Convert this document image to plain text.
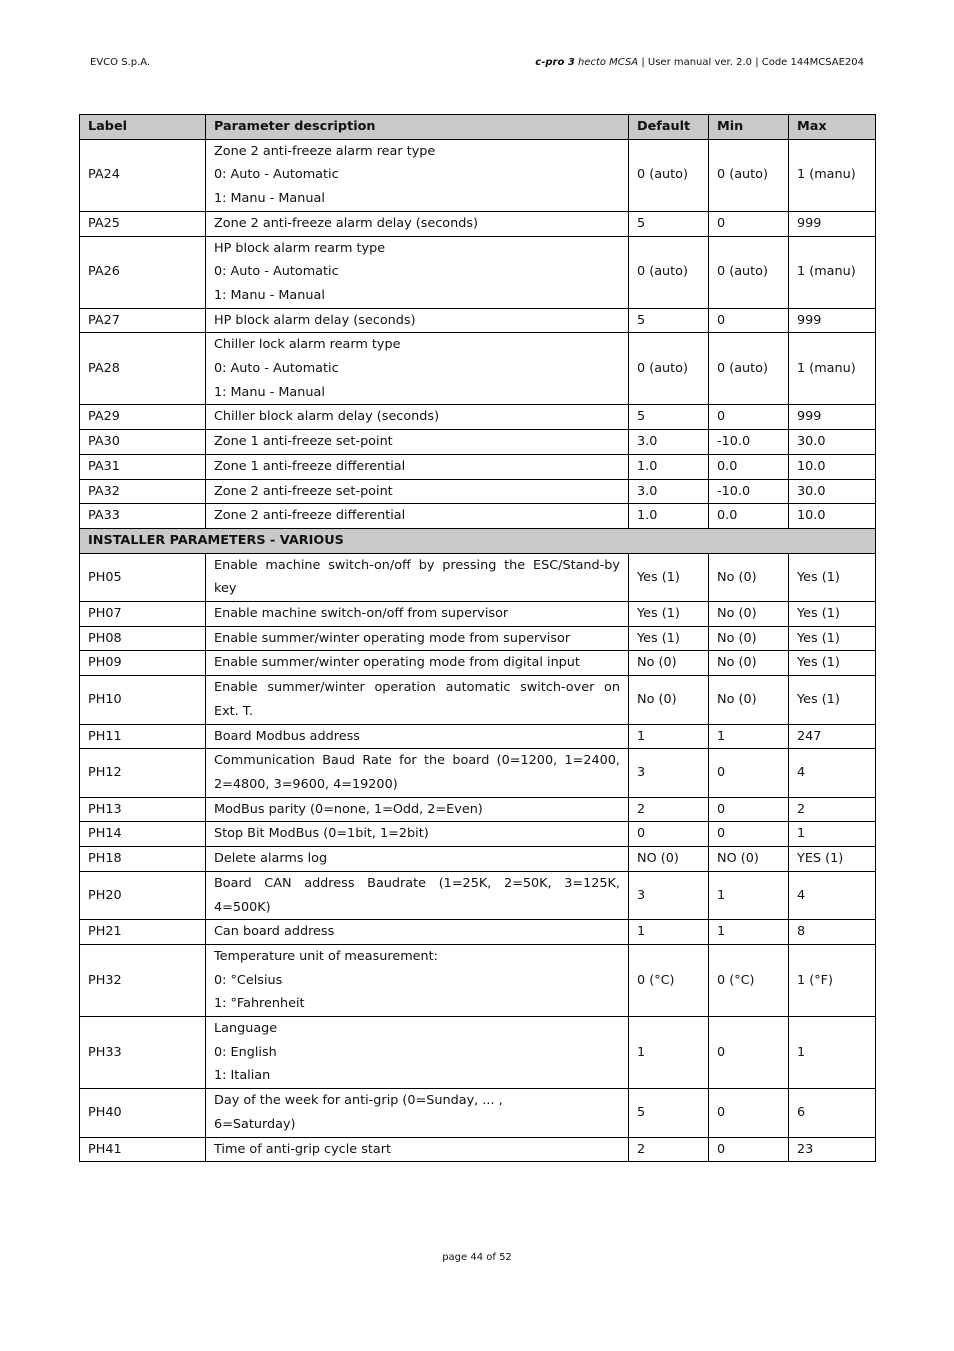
EVCO S.p.A.	c-pro 3 hecto MCSA | User manual ver. 2.0 | Code 144MCSAE204
Label	Parameter description	Default	Min	Max
PA24	Zone 2 anti-freeze alarm rear type
0: Auto - Automatic
1: Manu - Manual	0 (auto)	0 (auto)	1 (manu)
PA25	Zone 2 anti-freeze alarm delay (seconds)	5	0	999
PA26	HP block alarm rearm type
0: Auto - Automatic
1: Manu - Manual	0 (auto)	0 (auto)	1 (manu)
PA27	HP block alarm delay (seconds)	5	0	999
PA28	Chiller lock alarm rearm type
0: Auto - Automatic
1: Manu - Manual	0 (auto)	0 (auto)	1 (manu)
PA29	Chiller block alarm delay (seconds)	5	0	999
PA30	Zone 1 anti-freeze set-point	3.0	-10.0	30.0
PA31	Zone 1 anti-freeze differential	1.0	0.0	10.0
PA32	Zone 2 anti-freeze set-point	3.0	-10.0	30.0
PA33	Zone 2 anti-freeze differential	1.0	0.0	10.0
INSTALLER PARAMETERS - VARIOUS				
PH05	Enable machine switch-on/off by pressing the ESC/Stand-by key	Yes (1)	No (0)	Yes (1)
PH07	Enable machine switch-on/off from supervisor	Yes (1)	No (0)	Yes (1)
PH08	Enable summer/winter operating mode from supervisor	Yes (1)	No (0)	Yes (1)
PH09	Enable summer/winter operating mode from digital input	No (0)	No (0)	Yes (1)
PH10	Enable summer/winter operation automatic switch-over on Ext. T.	No (0)	No (0)	Yes (1)
PH11	Board Modbus address	1	1	247
PH12	Communication Baud Rate for the board (0=1200, 1=2400, 2=4800, 3=9600, 4=19200)	3	0	4
PH13	ModBus parity (0=none, 1=Odd, 2=Even)	2	0	2
PH14	Stop Bit ModBus (0=1bit, 1=2bit)	0	0	1
PH18	Delete alarms log	NO (0)	NO (0)	YES (1)
PH20	Board CAN address Baudrate (1=25K, 2=50K, 3=125K, 4=500K)	3	1	4
PH21	Can board address	1	1	8
PH32	Temperature unit of measurement:
0: °Celsius
1: °Fahrenheit	0 (°C)	0 (°C)	1 (°F)
PH33	Language
0: English
1: Italian	1	0	1
PH40	Day of the week for anti-grip (0=Sunday, ... ,
6=Saturday)	5	0	6
PH41	Time of anti-grip cycle start	2	0	23
page 44 of 52
